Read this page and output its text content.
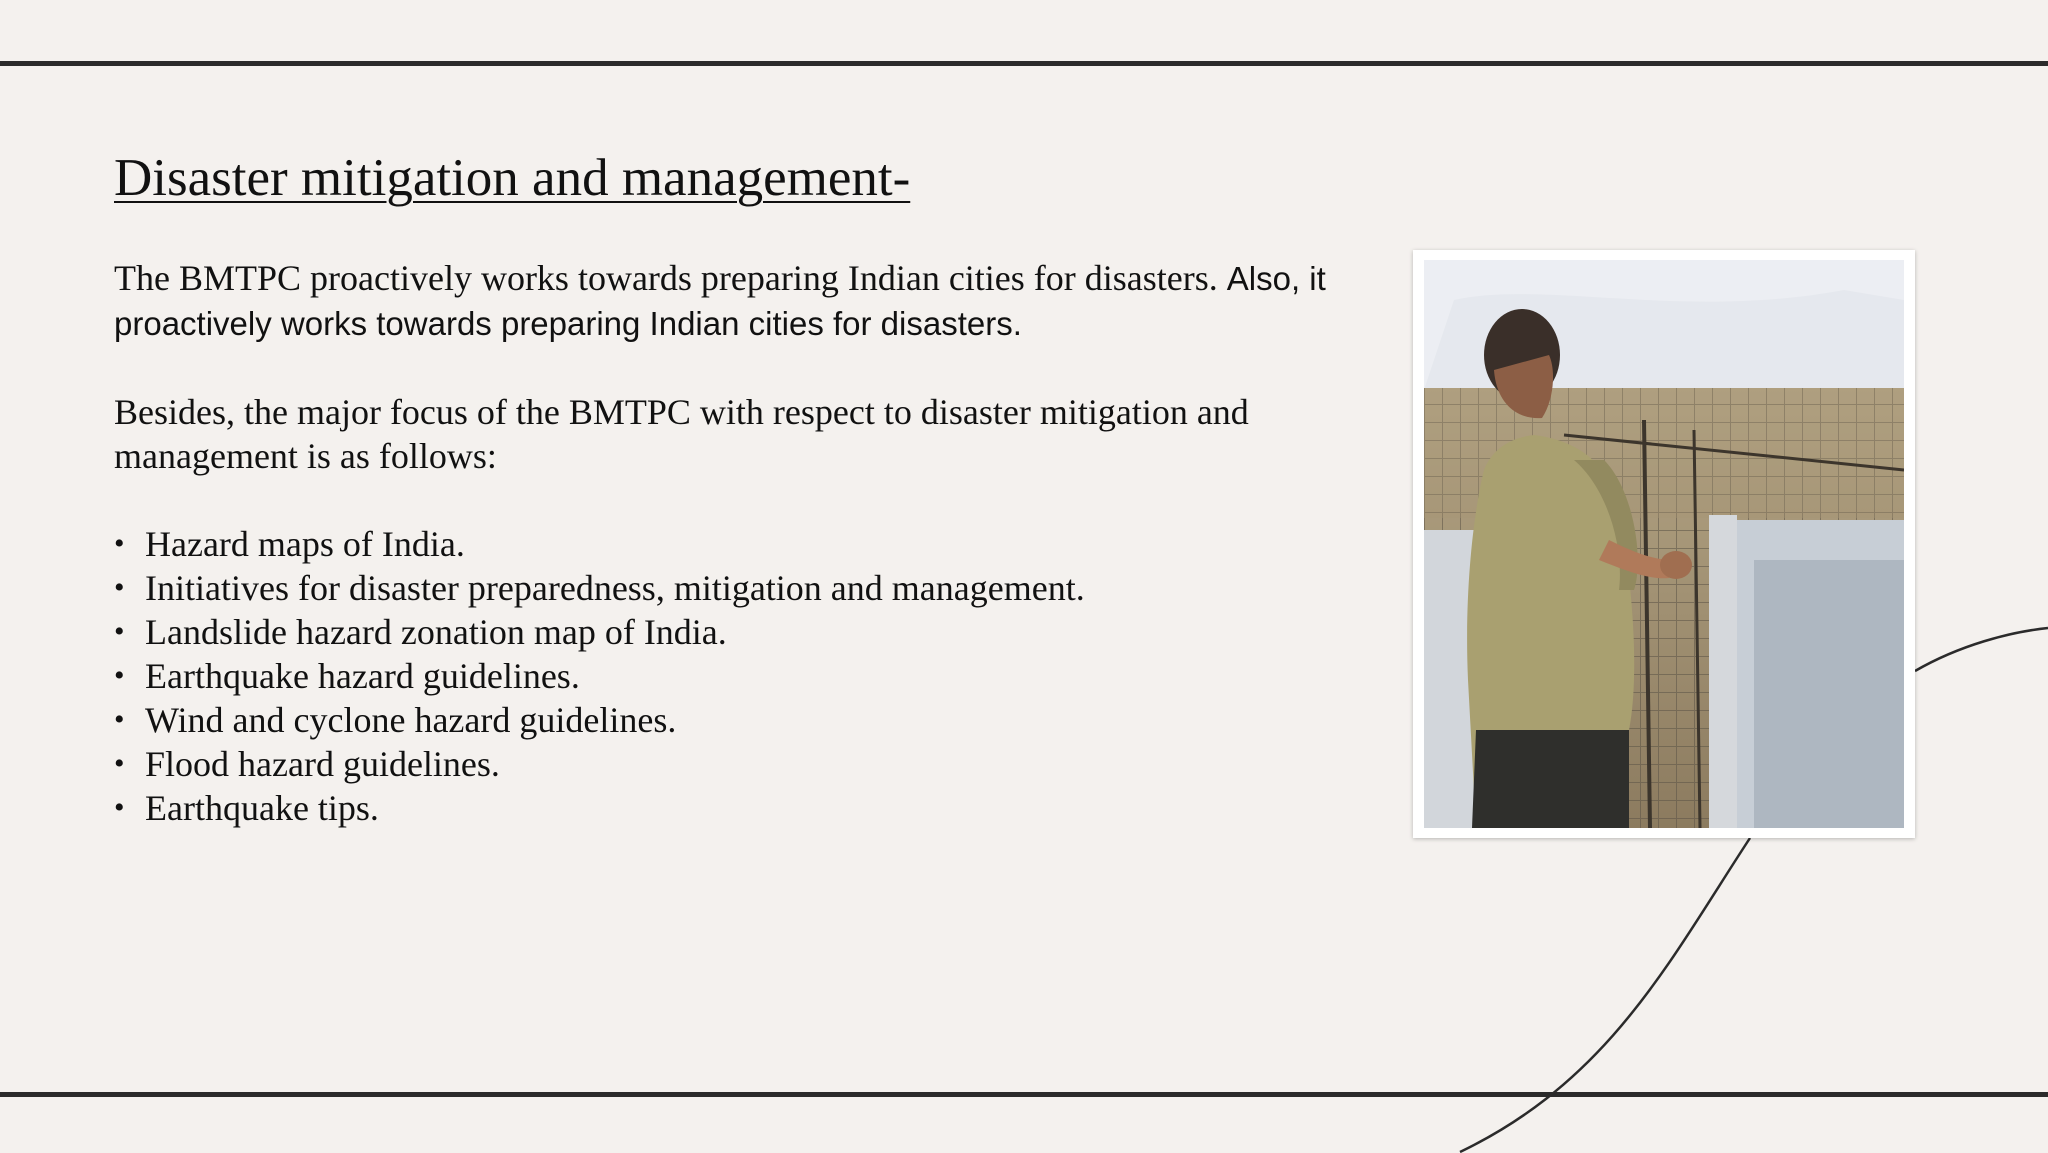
Disaster mitigation and management-

The BMTPC proactively works towards preparing Indian cities for disasters. Also, it proactively works towards preparing Indian cities for disasters.

Besides, the major focus of the BMTPC with respect to disaster mitigation and management is as follows:

• Hazard maps of India.
• Initiatives for disaster preparedness, mitigation and management.
• Landslide hazard zonation map of India.
• Earthquake hazard guidelines.
• Wind and cyclone hazard guidelines.
• Flood hazard guidelines.
• Earthquake tips.
